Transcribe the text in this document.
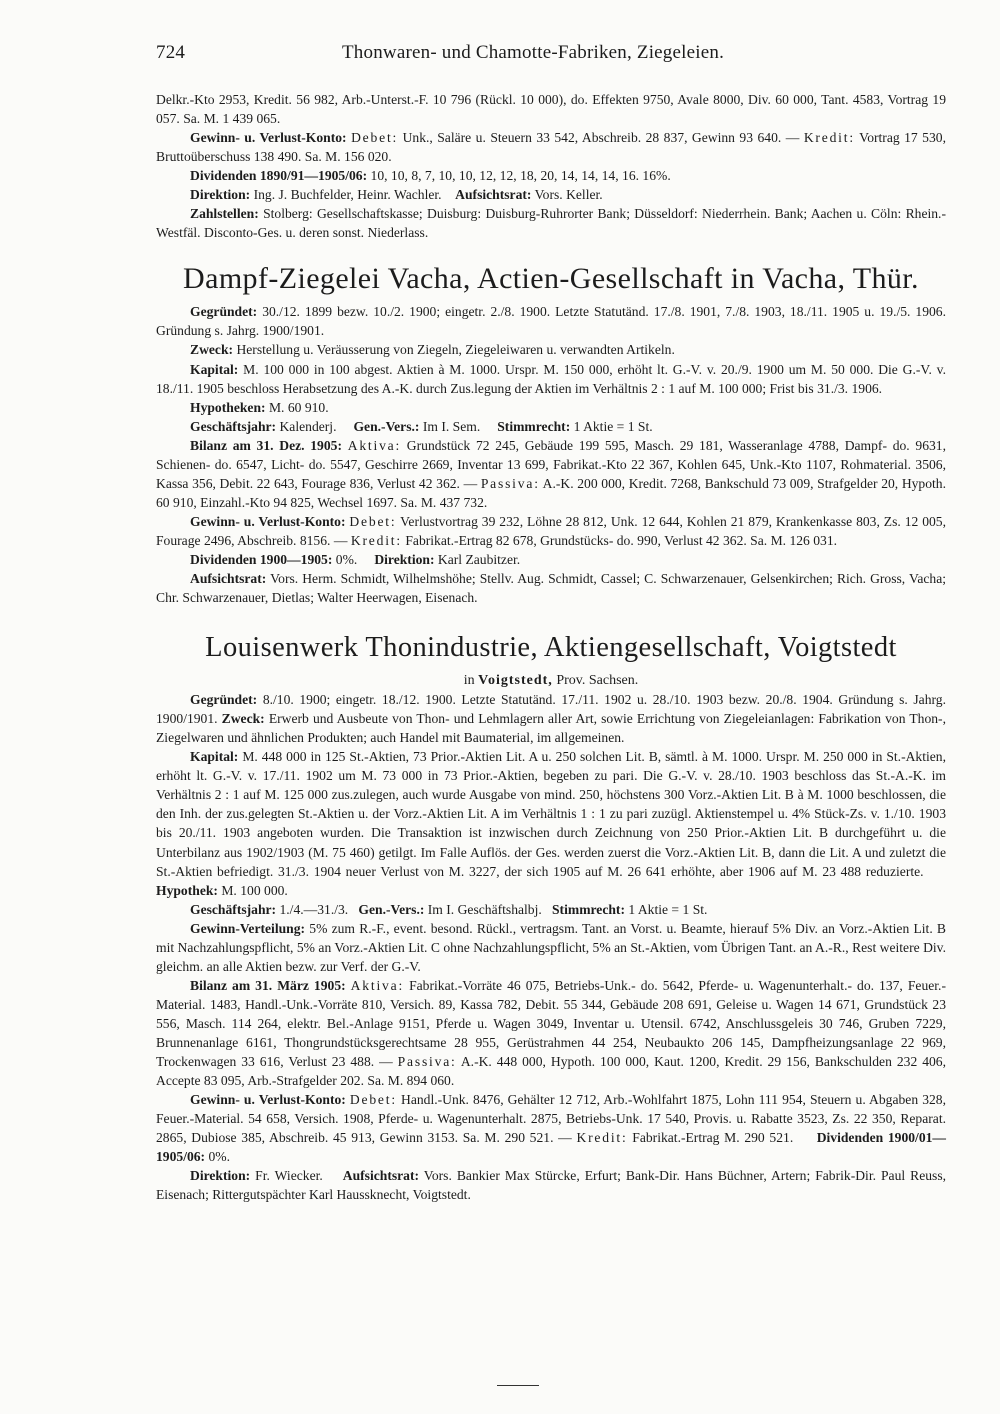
724	Thonwaren- und Chamotte-Fabriken, Ziegeleien.

Delkr.-Kto 2953, Kredit. 56 982, Arb.-Unterst.-F. 10 796 (Rückl. 10 000), do. Effekten 9750, Avale 8000, Div. 60 000, Tant. 4583, Vortrag 19 057. Sa. M. 1 439 065.

Gewinn- u. Verlust-Konto: Debet: Unk., Saläre u. Steuern 33 542, Abschreib. 28 837, Gewinn 93 640. — Kredit: Vortrag 17 530, Bruttoüberschuss 138 490. Sa. M. 156 020.

Dividenden 1890/91—1905/06: 10, 10, 8, 7, 10, 10, 12, 12, 18, 20, 14, 14, 14, 16. 16%.

Direktion: Ing. J. Buchfelder, Heinr. Wachler. Aufsichtsrat: Vors. Keller.

Zahlstellen: Stolberg: Gesellschaftskasse; Duisburg: Duisburg-Ruhrorter Bank; Düsseldorf: Niederrhein. Bank; Aachen u. Cöln: Rhein.-Westfäl. Disconto-Ges. u. deren sonst. Niederlass.

Dampf-Ziegelei Vacha, Actien-Gesellschaft in Vacha, Thür.

Gegründet: 30./12. 1899 bezw. 10./2. 1900; eingetr. 2./8. 1900. Letzte Statutänd. 17./8. 1901, 7./8. 1903, 18./11. 1905 u. 19./5. 1906. Gründung s. Jahrg. 1900/1901.

Zweck: Herstellung u. Veräusserung von Ziegeln, Ziegeleiwaren u. verwandten Artikeln.

Kapital: M. 100 000 in 100 abgest. Aktien à M. 1000. Urspr. M. 150 000, erhöht lt. G.-V. v. 20./9. 1900 um M. 50 000. Die G.-V. v. 18./11. 1905 beschloss Herabsetzung des A.-K. durch Zus.legung der Aktien im Verhältnis 2 : 1 auf M. 100 000; Frist bis 31./3. 1906.

Hypotheken: M. 60 910.

Geschäftsjahr: Kalenderj. Gen.-Vers.: Im I. Sem. Stimmrecht: 1 Aktie = 1 St.

Bilanz am 31. Dez. 1905: Aktiva: Grundstück 72 245, Gebäude 199 595, Masch. 29 181, Wasseranlage 4788, Dampf- do. 9631, Schienen- do. 6547, Licht- do. 5547, Geschirre 2669, Inventar 13 699, Fabrikat.-Kto 22 367, Kohlen 645, Unk.-Kto 1107, Rohmaterial. 3506, Kassa 356, Debit. 22 643, Fourage 836, Verlust 42 362. — Passiva: A.-K. 200 000, Kredit. 7268, Bankschuld 73 009, Strafgelder 20, Hypoth. 60 910, Einzahl.-Kto 94 825, Wechsel 1697. Sa. M. 437 732.

Gewinn- u. Verlust-Konto: Debet: Verlustvortrag 39 232, Löhne 28 812, Unk. 12 644, Kohlen 21 879, Krankenkasse 803, Zs. 12 005, Fourage 2496, Abschreib. 8156. — Kredit: Fabrikat.-Ertrag 82 678, Grundstücks- do. 990, Verlust 42 362. Sa. M. 126 031.

Dividenden 1900—1905: 0%. Direktion: Karl Zaubitzer.

Aufsichtsrat: Vors. Herm. Schmidt, Wilhelmshöhe; Stellv. Aug. Schmidt, Cassel; C. Schwarzenauer, Gelsenkirchen; Rich. Gross, Vacha; Chr. Schwarzenauer, Dietlas; Walter Heerwagen, Eisenach.

Louisenwerk Thonindustrie, Aktiengesellschaft, Voigtstedt
in Voigtstedt, Prov. Sachsen.

Gegründet: 8./10. 1900; eingetr. 18./12. 1900. Letzte Statutänd. 17./11. 1902 u. 28./10. 1903 bezw. 20./8. 1904. Gründung s. Jahrg. 1900/1901. Zweck: Erwerb und Ausbeute von Thon- und Lehmlagern aller Art, sowie Errichtung von Ziegeleianlagen: Fabrikation von Thon-, Ziegelwaren und ähnlichen Produkten; auch Handel mit Baumaterial, im allgemeinen.

Kapital: M. 448 000 in 125 St.-Aktien, 73 Prior.-Aktien Lit. A u. 250 solchen Lit. B, sämtl. à M. 1000. Urspr. M. 250 000 in St.-Aktien, erhöht lt. G.-V. v. 17./11. 1902 um M. 73 000 in 73 Prior.-Aktien, begeben zu pari. Die G.-V. v. 28./10. 1903 beschloss das St.-A.-K. im Verhältnis 2 : 1 auf M. 125 000 zus.zulegen, auch wurde Ausgabe von mind. 250, höchstens 300 Vorz.-Aktien Lit. B à M. 1000 beschlossen, die den Inh. der zus.gelegten St.-Aktien u. der Vorz.-Aktien Lit. A im Verhältnis 1 : 1 zu pari zuzügl. Aktienstempel u. 4% Stück-Zs. v. 1./10. 1903 bis 20./11. 1903 angeboten wurden. Die Transaktion ist inzwischen durch Zeichnung von 250 Prior.-Aktien Lit. B durchgeführt u. die Unterbilanz aus 1902/1903 (M. 75 460) getilgt. Im Falle Auflös. der Ges. werden zuerst die Vorz.-Aktien Lit. B, dann die Lit. A und zuletzt die St.-Aktien befriedigt. 31./3. 1904 neuer Verlust von M. 3227, der sich 1905 auf M. 26 641 erhöhte, aber 1906 auf M. 23 488 reduzierte.      Hypothek: M. 100 000.

Geschäftsjahr: 1./4.—31./3. Gen.-Vers.: Im I. Geschäftshalbj. Stimmrecht: 1 Aktie = 1 St.

Gewinn-Verteilung: 5% zum R.-F., event. besond. Rückl., vertragsm. Tant. an Vorst. u. Beamte, hierauf 5% Div. an Vorz.-Aktien Lit. B mit Nachzahlungspflicht, 5% an Vorz.-Aktien Lit. C ohne Nachzahlungspflicht, 5% an St.-Aktien, vom Übrigen Tant. an A.-R., Rest weitere Div. gleichm. an alle Aktien bezw. zur Verf. der G.-V.

Bilanz am 31. März 1905: Aktiva: Fabrikat.-Vorräte 46 075, Betriebs-Unk.- do. 5642, Pferde- u. Wagenunterhalt.- do. 137, Feuer.-Material. 1483, Handl.-Unk.-Vorräte 810, Versich. 89, Kassa 782, Debit. 55 344, Gebäude 208 691, Geleise u. Wagen 14 671, Grundstück 23 556, Masch. 114 264, elektr. Bel.-Anlage 9151, Pferde u. Wagen 3049, Inventar u. Utensil. 6742, Anschlussgeleis 30 746, Gruben 7229, Brunnenanlage 6161, Thongrundstücksgerechtsame 28 955, Gerüstrahmen 44 254, Neubaukto 206 145, Dampfheizungsanlage 22 969, Trockenwagen 33 616, Verlust 23 488. — Passiva: A.-K. 448 000, Hypoth. 100 000, Kaut. 1200, Kredit. 29 156, Bankschulden 232 406, Accepte 83 095, Arb.-Strafgelder 202. Sa. M. 894 060.

Gewinn- u. Verlust-Konto: Debet: Handl.-Unk. 8476, Gehälter 12 712, Arb.-Wohlfahrt 1875, Lohn 111 954, Steuern u. Abgaben 328, Feuer.-Material. 54 658, Versich. 1908, Pferde- u. Wagenunterhalt. 2875, Betriebs-Unk. 17 540, Provis. u. Rabatte 3523, Zs. 22 350, Reparat. 2865, Dubiose 385, Abschreib. 45 913, Gewinn 3153. Sa. M. 290 521. — Kredit: Fabrikat.-Ertrag M. 290 521. Dividenden 1900/01—1905/06: 0%.

Direktion: Fr. Wiecker. Aufsichtsrat: Vors. Bankier Max Stürcke, Erfurt; Bank-Dir. Hans Büchner, Artern; Fabrik-Dir. Paul Reuss, Eisenach; Rittergutspächter Karl Haussknecht, Voigtstedt.
